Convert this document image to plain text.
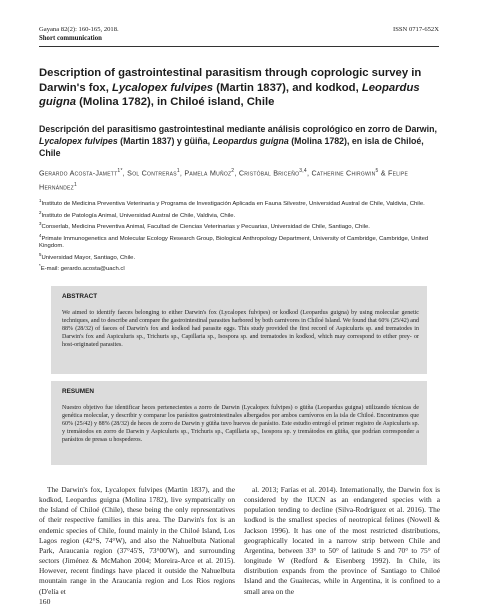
Gayana 82(2): 160-165, 2018.
Short communication
ISSN 0717-652X
Description of gastrointestinal parasitism through coprologic survey in Darwin's fox, Lycalopex fulvipes (Martin 1837), and kodkod, Leopardus guigna (Molina 1782), in Chiloé island, Chile
Descripción del parasitismo gastrointestinal mediante análisis coprológico en zorro de Darwin, Lycalopex fulvipes (Martin 1837) y güiña, Leopardus guigna (Molina 1782), en isla de Chiloé, Chile
Gerardo Acosta-Jamett$^{1*}$, Sol Contreras$^1$, Pamela Muñoz$^2$, Cristóbal Briceño$^{3,4}$, Catherine Chirgwin$^5$ & Felipe Hernández$^1$
$^1$Instituto de Medicina Preventiva Veterinaria y Programa de Investigación Aplicada en Fauna Silvestre, Universidad Austral de Chile, Valdivia, Chile.
$^2$Instituto de Patología Animal, Universidad Austral de Chile, Valdivia, Chile.
$^3$Conserlab, Medicina Preventiva Animal, Facultad de Ciencias Veterinarias y Pecuarias, Universidad de Chile, Santiago, Chile.
$^4$Primate Immunogenetics and Molecular Ecology Research Group, Biological Anthropology Department, University of Cambridge, Cambridge, United Kingdom.
$^5$Universidad Mayor, Santiago, Chile.
*E-mail: gerardo.acosta@uach.cl
ABSTRACT
We aimed to identify faeces belonging to either Darwin's fox (Lycalopex fulvipes) or kodkod (Leopardus guigna) by using molecular genetic techniques, and to describe and compare the gastrointestinal parasites harbored by both carnivores in Chiloé Island. We found that 60% (25/42) and 88% (28/32) of faeces of Darwin's fox and kodkod had parasite eggs. This study provided the first record of Aspiculuris sp. and trematodes in Darwin's fox and Aspiculuris sp., Trichuris sp., Capillaria sp., Isospora sp. and trematodes in kodkod, which may correspond to either prey- or host-originated parasites.
RESUMEN
Nuestro objetivo fue identificar heces pertenecientes a zorro de Darwin (Lycalopex fulvipes) o güiña (Leopardus guigna) utilizando técnicas de genética molecular, y describir y comparar los parásitos gastrointestinales albergados por ambos carnívoros en la isla de Chiloé. Encontramos que 60% (25/42) y 88% (28/32) de heces de zorro de Darwin y güiña tuvo huevos de parásito. Este estudio entregó el primer registro de Aspiculuris sp. y tremátodos en zorro de Darwin y Aspiculuris sp., Trichuris sp., Capillaria sp., Isospora sp. y tremátodos en güiña, que podrían corresponder a parásitos de presas u hospederos.
The Darwin's fox, Lycalopex fulvipes (Martin 1837), and the kodkod, Leopardus guigna (Molina 1782), live sympatrically on the Island of Chiloé (Chile), these being the only representatives of their respective families in this area. The Darwin's fox is an endemic species of Chile, found mainly in the Chiloé Island, Los Lagos region (42°S, 74°W), and also the Nahuelbuta National Park, Araucania region (37°45'S, 73°00'W), and surrounding sectors (Jiménez & McMahon 2004; Moreira-Arce et al. 2015). However, recent findings have placed it outside the Nahuelbuta mountain range in the Araucania region and Los Rios regions (D'elía et
al. 2013; Farías et al. 2014). Internationally, the Darwin fox is considered by the IUCN as an endangered species with a population tending to decline (Silva-Rodríguez et al. 2016). The kodkod is the smallest species of neotropical felines (Nowell & Jackson 1996). It has one of the most restricted distributions, geographically located in a narrow strip between Chile and Argentina, between 33° to 50° of latitude S and 70° to 75° of longitude W (Redford & Eisenberg 1992). In Chile, its distribution expands from the province of Santiago to Chiloé Island and the Guaitecas, while in Argentina, it is confined to a small area on the
160
